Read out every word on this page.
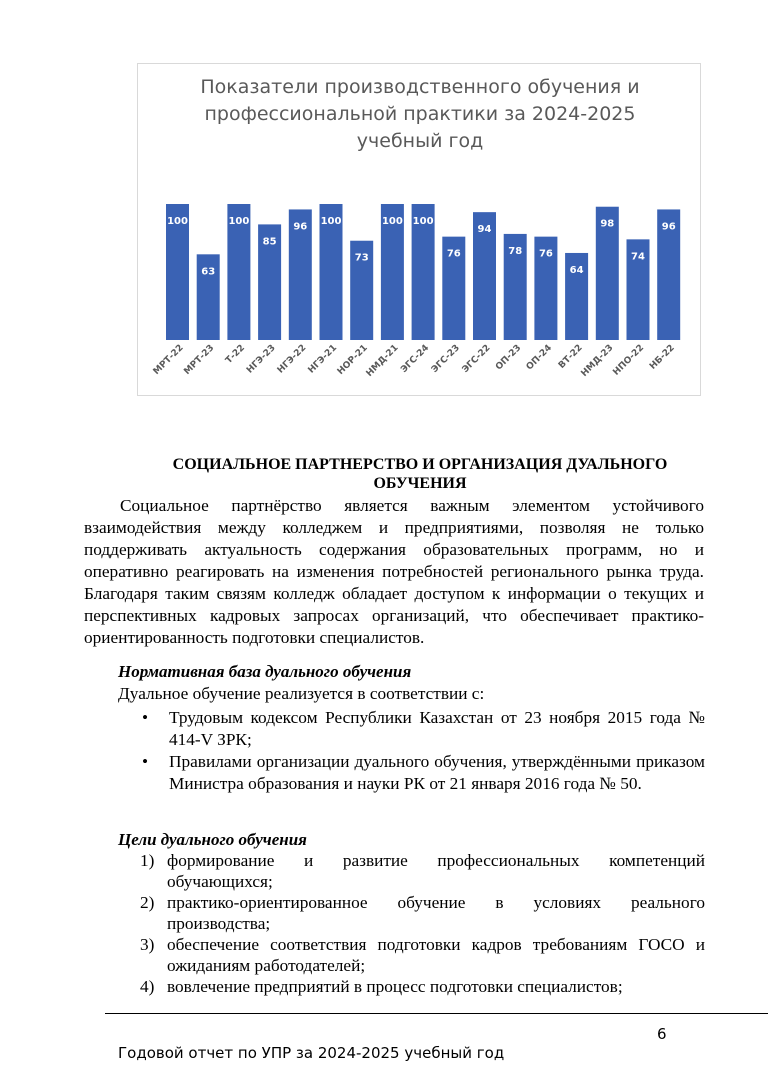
Показатели производственного обучения и
профессиональной практики за 2024-2025
учебный год
100
МРТ-22
63
МРТ-23
100
Т-22
85
НГЭ-23
96
НГЭ-22
100
НГЭ-21
73
НОР-21
100
НМД-21
100
ЭГС-24
76
ЭГС-23
94
ЭГС-22
78
ОП-23
76
ОП-24
64
ВТ-22
98
НМД-23
74
НПО-22
96
НБ-22
СОЦИАЛЬНОЕ ПАРТНЕРСТВО И ОРГАНИЗАЦИЯ ДУАЛЬНОГО
ОБУЧЕНИЯ
Социальное партнёрство является важным элементом устойчивого взаимодействия между колледжем и предприятиями, позволяя не только поддерживать актуальность содержания образовательных программ, но и оперативно реагировать на изменения потребностей регионального рынка труда. Благодаря таким связям колледж обладает доступом к информации о текущих и перспективных кадровых запросах организаций, что обеспечивает практико-ориентированность подготовки специалистов.
Нормативная база дуального обучения
Дуальное обучение реализуется в соответствии с:
• Трудовым кодексом Республики Казахстан от 23 ноября 2015 года № 414-V ЗРК;
• Правилами организации дуального обучения, утверждёнными приказом Министра образования и науки РК от 21 января 2016 года № 50.
Цели дуального обучения
1) формирование и развитие профессиональных компетенций обучающихся;
2) практико-ориентированное обучение в условиях реального производства;
3) обеспечение соответствия подготовки кадров требованиям ГОСО и ожиданиям работодателей;
4) вовлечение предприятий в процесс подготовки специалистов;
6
Годовой отчет по УПР за 2024-2025 учебный год
